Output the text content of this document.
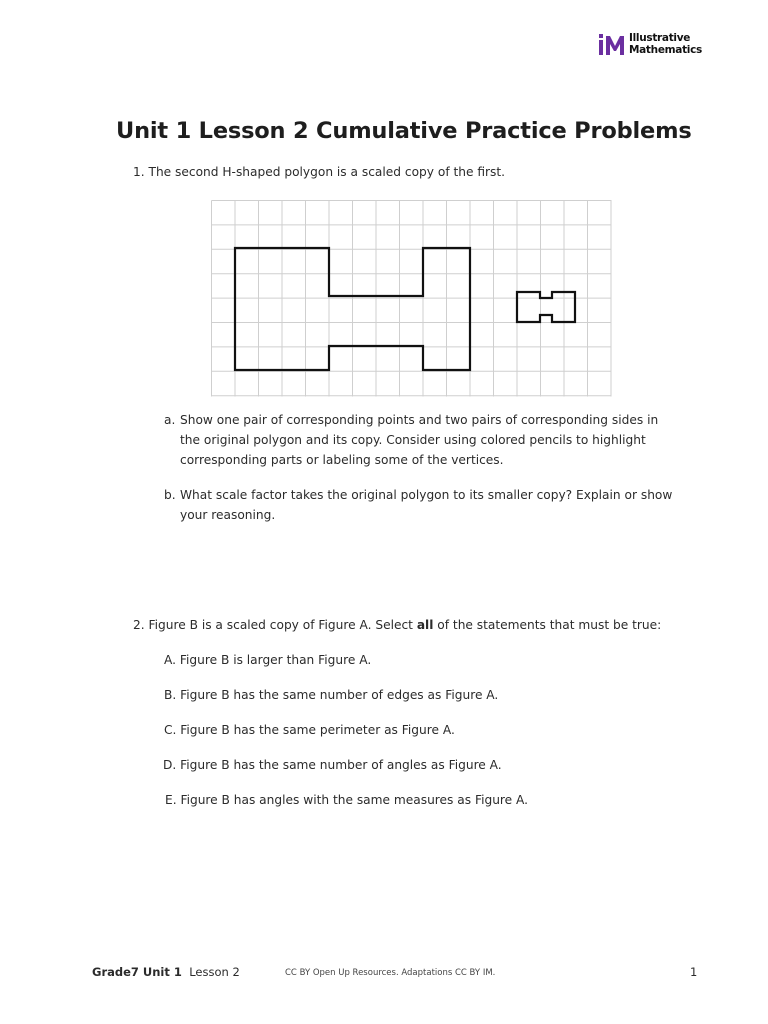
Illustrative
Mathematics
Unit 1 Lesson 2 Cumulative Practice Problems
1. The second H-shaped polygon is a scaled copy of the first.
a. Show one pair of corresponding points and two pairs of corresponding sides in
the original polygon and its copy. Consider using colored pencils to highlight
corresponding parts or labeling some of the vertices.
b. What scale factor takes the original polygon to its smaller copy? Explain or show
your reasoning.
2. Figure B is a scaled copy of Figure A. Select all of the statements that must be true:
A. Figure B is larger than Figure A.
B. Figure B has the same number of edges as Figure A.
C. Figure B has the same perimeter as Figure A.
D. Figure B has the same number of angles as Figure A.
E. Figure B has angles with the same measures as Figure A.
Grade7 Unit 1 Lesson 2	CC BY Open Up Resources. Adaptations CC BY IM.	1
